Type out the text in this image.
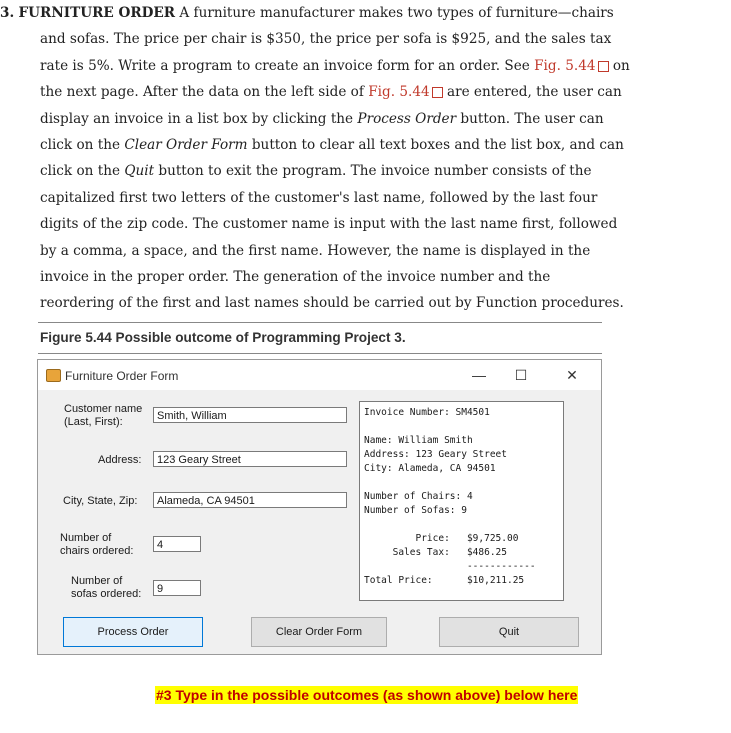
3. FURNITURE ORDER A furniture manufacturer makes two types of furniture—chairs

and sofas. The price per chair is $350, the price per sofa is $925, and the sales tax

rate is 5%. Write a program to create an invoice form for an order. See Fig. 5.44 on

the next page. After the data on the left side of Fig. 5.44 are entered, the user can

display an invoice in a list box by clicking the Process Order button. The user can

click on the Clear Order Form button to clear all text boxes and the list box, and can

click on the Quit button to exit the program. The invoice number consists of the

capitalized first two letters of the customer's last name, followed by the last four

digits of the zip code. The customer name is input with the last name first, followed

by a comma, a space, and the first name. However, the name is displayed in the

invoice in the proper order. The generation of the invoice number and the

reordering of the first and last names should be carried out by Function procedures.

Figure 5.44 Possible outcome of Programming Project 3.
Furniture Order Form	— ☐	✕
Customer name
(Last, First):	Smith, William
Address:	123 Geary Street
City, State, Zip:	Alameda, CA 94501
Number of
chairs ordered:	4
Number of
sofas ordered:	9
Invoice Number: SM4501
Name: William Smith
Address: 123 Geary Street
City: Alameda, CA 94501
Number of Chairs: 4
Number of Sofas: 9
Price:   $9,725.00
Sales Tax:   $486.25
------------
Total Price:      $10,211.25
Process Order	Clear Order Form	Quit
#3 Type in the possible outcomes (as shown above) below here
